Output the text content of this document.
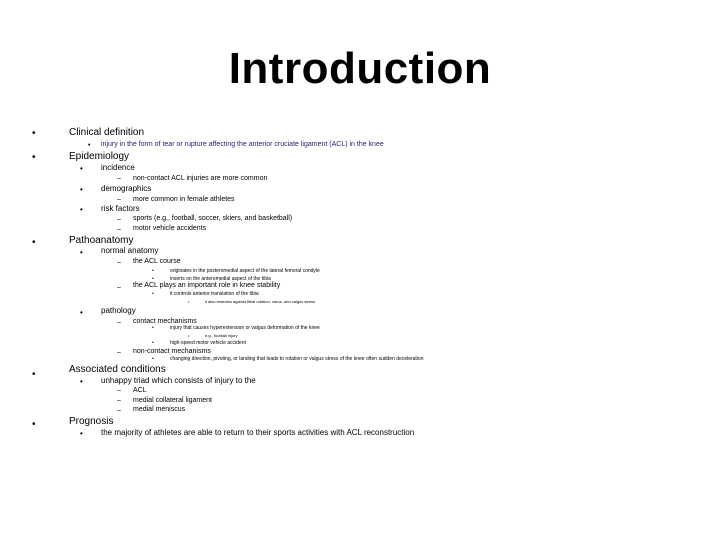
Introduction
•	Clinical definition
• injury in the form of tear or rupture affecting the anterior cruciate ligament (ACL) in the knee
•	Epidemiology
• incidence
– non-contact ACL injuries are more common
• demographics
– more common in female athletes
• risk factors
– sports (e.g., football, soccer, skiers, and basketball)
– motor vehicle accidents
•	Pathoanatomy
• normal anatomy
– the ACL course
•	originates in the posteromedial aspect of the lateral femoral condyle
•	inserts on the anteromedial aspect of the tibia
– the ACL plays an important role in knee stability
•	it controls anterior translation of the tibia
•	it also restrains against tibial rotation, varus, and valgus stress
• pathology
– contact mechanisms
•	injury that causes hyperextension or valgus deformation of the knee
•	e.g., football injury
•	high-speed motor vehicle accident
– non-contact mechanisms
•	changing direction, pivoting, or landing that leads to rotation or valgus stress of the knee often sudden deceleration
•	Associated conditions
• unhappy triad which consists of injury to the
– ACL
– medial collateral ligament
– medial meniscus
•	Prognosis
• the majority of athletes are able to return to their sports activities with ACL reconstruction
